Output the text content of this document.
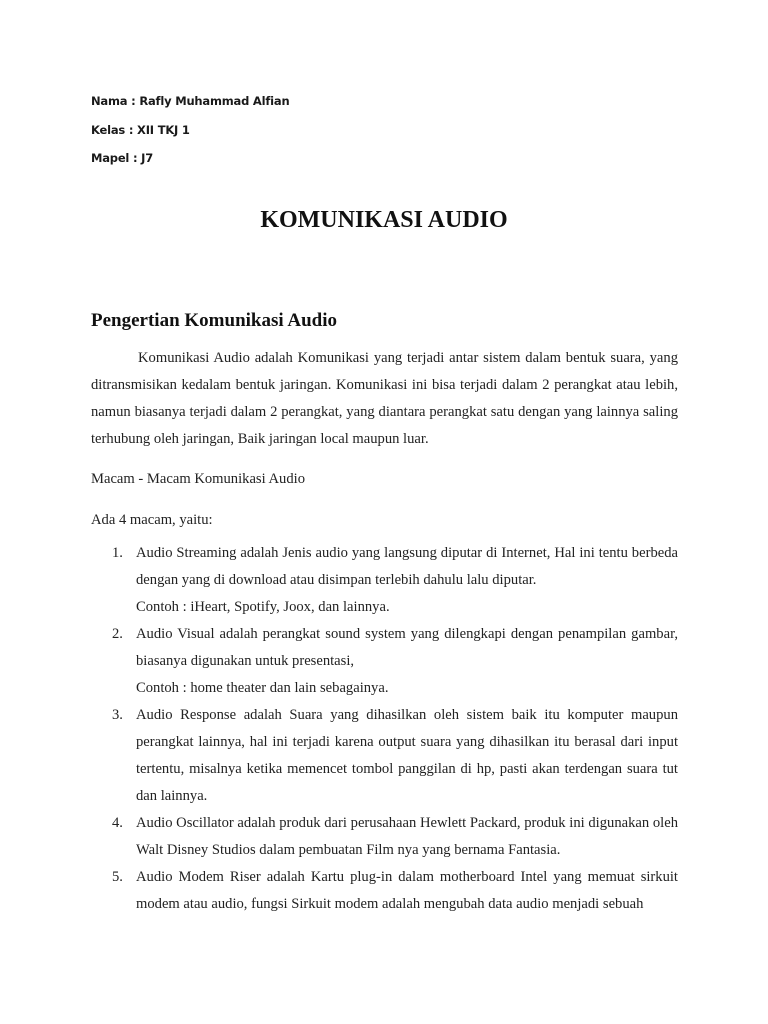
Nama : Rafly Muhammad Alfian
Kelas : XII TKJ 1
Mapel : J7
KOMUNIKASI AUDIO
Pengertian Komunikasi Audio

Komunikasi Audio adalah Komunikasi yang terjadi antar sistem dalam bentuk suara, yang ditransmisikan kedalam bentuk jaringan. Komunikasi ini bisa terjadi dalam 2 perangkat atau lebih, namun biasanya terjadi dalam 2 perangkat, yang diantara perangkat satu dengan yang lainnya saling terhubung oleh jaringan, Baik jaringan local maupun luar.

Macam - Macam Komunikasi Audio

Ada 4 macam, yaitu:

1. Audio Streaming adalah Jenis audio yang langsung diputar di Internet, Hal ini tentu berbeda dengan yang di download atau disimpan terlebih dahulu lalu diputar.
Contoh : iHeart, Spotify, Joox, dan lainnya.
2. Audio Visual adalah perangkat sound system yang dilengkapi dengan penampilan gambar, biasanya digunakan untuk presentasi,
Contoh : home theater dan lain sebagainya.
3. Audio Response adalah Suara yang dihasilkan oleh sistem baik itu komputer maupun perangkat lainnya, hal ini terjadi karena output suara yang dihasilkan itu berasal dari input tertentu, misalnya ketika memencet tombol panggilan di hp, pasti akan terdengan suara tut dan lainnya.
4. Audio Oscillator adalah produk dari perusahaan Hewlett Packard, produk ini digunakan oleh Walt Disney Studios dalam pembuatan Film nya yang bernama Fantasia.
5. Audio Modem Riser adalah Kartu plug-in dalam motherboard Intel yang memuat sirkuit modem atau audio, fungsi Sirkuit modem adalah mengubah data audio menjadi sebuah
